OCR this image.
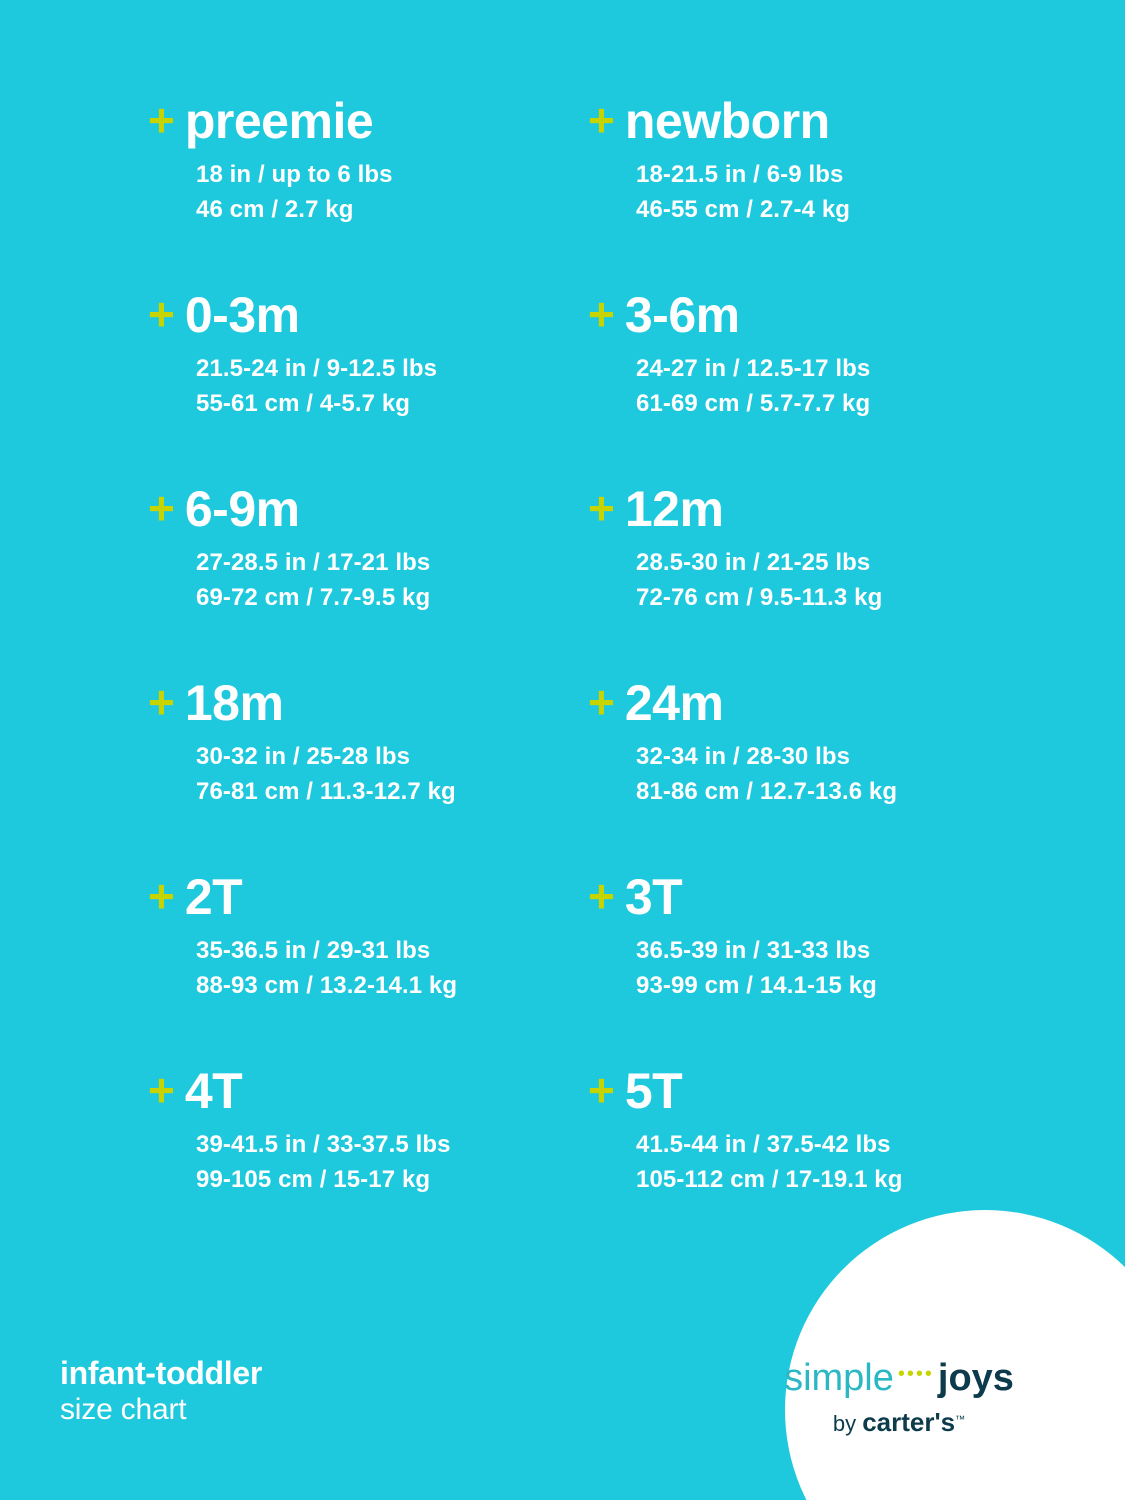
+ preemie
18 in / up to 6 lbs
46 cm / 2.7 kg
+ newborn
18-21.5 in / 6-9 lbs
46-55 cm / 2.7-4 kg
+ 0-3m
21.5-24 in / 9-12.5 lbs
55-61 cm / 4-5.7 kg
+ 3-6m
24-27 in / 12.5-17 lbs
61-69 cm / 5.7-7.7 kg
+ 6-9m
27-28.5 in / 17-21 lbs
69-72 cm / 7.7-9.5 kg
+ 12m
28.5-30 in / 21-25 lbs
72-76 cm / 9.5-11.3 kg
+ 18m
30-32 in / 25-28 lbs
76-81 cm / 11.3-12.7 kg
+ 24m
32-34 in / 28-30 lbs
81-86 cm / 12.7-13.6 kg
+ 2T
35-36.5 in / 29-31 lbs
88-93 cm / 13.2-14.1 kg
+ 3T
36.5-39 in / 31-33 lbs
93-99 cm / 14.1-15 kg
+ 4T
39-41.5 in / 33-37.5 lbs
99-105 cm / 15-17 kg
+ 5T
41.5-44 in / 37.5-42 lbs
105-112 cm / 17-19.1 kg
infant-toddler
size chart
simple •••• joys
by carter's™
